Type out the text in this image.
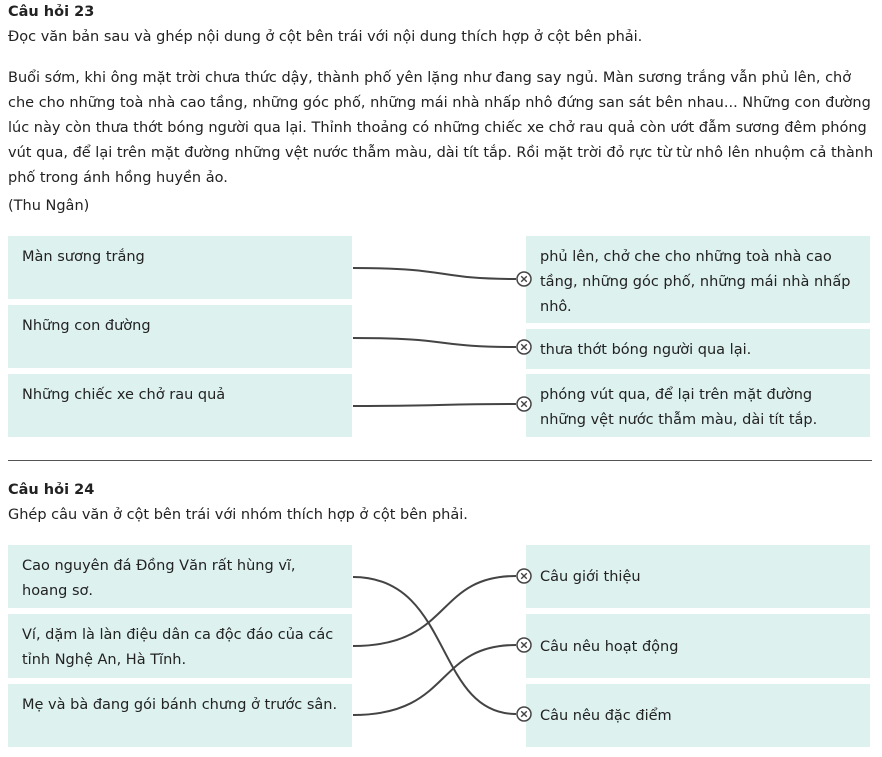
Câu hỏi 23
Đọc văn bản sau và ghép nội dung ở cột bên trái với nội dung thích hợp ở cột bên phải.

Buổi sớm, khi ông mặt trời chưa thức dậy, thành phố yên lặng như đang say ngủ. Màn sương trắng vẫn phủ lên, chở che cho những toà nhà cao tầng, những góc phố, những mái nhà nhấp nhô đứng san sát bên nhau... Những con đường lúc này còn thưa thớt bóng người qua lại. Thỉnh thoảng có những chiếc xe chở rau quả còn ướt đẫm sương đêm phóng vút qua, để lại trên mặt đường những vệt nước thẫm màu, dài tít tắp. Rồi mặt trời đỏ rực từ từ nhô lên nhuộm cả thành phố trong ánh hồng huyền ảo.

(Thu Ngân)
Màn sương trắng
Những con đường
Những chiếc xe chở rau quả
phủ lên, chở che cho những toà nhà cao tầng, những góc phố, những mái nhà nhấp nhô.
thưa thớt bóng người qua lại.
phóng vút qua, để lại trên mặt đường những vệt nước thẫm màu, dài tít tắp.
Câu hỏi 24
Ghép câu văn ở cột bên trái với nhóm thích hợp ở cột bên phải.
Cao nguyên đá Đồng Văn rất hùng vĩ, hoang sơ.
Ví, dặm là làn điệu dân ca độc đáo của các tỉnh Nghệ An, Hà Tĩnh.
Mẹ và bà đang gói bánh chưng ở trước sân.
Câu giới thiệu
Câu nêu hoạt động
Câu nêu đặc điểm
